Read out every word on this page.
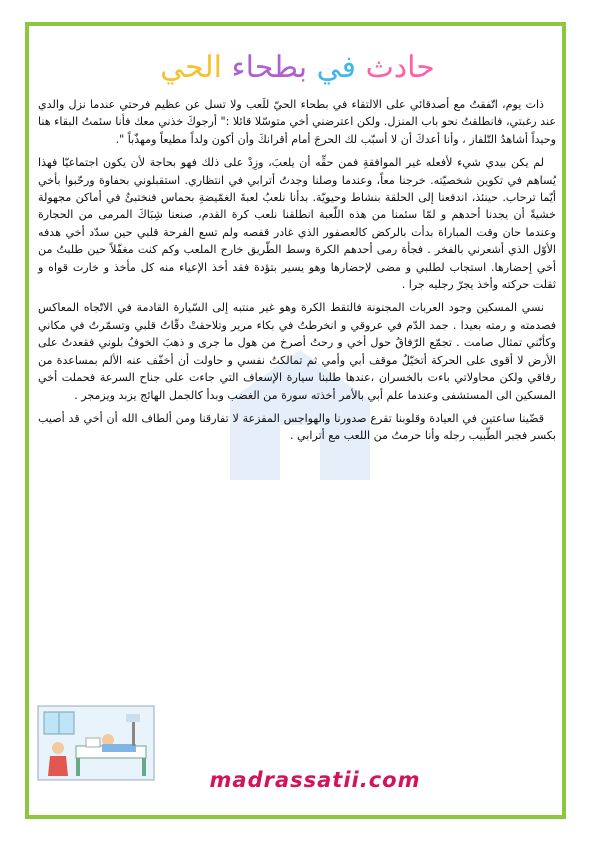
حادث في بطحاء الحي

ذات يوم، اتّفقتُ مع أصدقائي على الالتقاء في بطحاء الحيّ للَعب ولا تسل عن عظيم فرحتي عندما نزل والدي عند رغبتي، فانطلقتُ نحو باب المنزل. ولكن اعترضني أخي متوسّلا قائلا :" أرجوكَ خذني معك فأنا سئمتُ البقاء هنا وحيداً أشاهدُ التّلفاز ، وأنا أعدكَ أن لا أسبّب لك الحرجَ أمام أقرانكَ وأن أكون ولداً مطيعاً ومهذّباً ".

لم يكن بيدي شيء لأفعله غير الموافقةِ فمن حقِّه أن يلعبَ، وزِدْ على ذلك فهو بحاجة لأن يكون اجتماعيّا فهذا يُساهم في تكوين شخصيّته. خرجنا معاً، وعندما وصلنا وجدتُ أترابي في انتظاري. استقبلوني بحفاوة ورحّبوا بأخي أيّما ترحاب. حينئذ، اندفعنا إلى الحلقة بنشاط وحيويّة. بدأنا نلعبُ لعبةَ الغمّيضةِ بحماس فنختبئُ في أماكن مجهولة خشيةً أن يجدنا أحدهم و لمّا سئمنا من هذه اللّعبة انطلقنا نلعب كرة القدم، صنعنا شِبَاكَ المرمى من الحجارة وعندما حان وقت المباراة بدأت بالركض كالعصفور الذي غادر قفصه ولم تسع الفرحة قلبي حين سدّد أخي هدفه الأوّل الذي أشعرني بالفخر . فجأة رمى أحدهم الكرة وسط الطّريق خارج الملعب وكم كنت مغفّلاً حين طلبتُ من أخي إحضارها. استجاب لطلبي و مضى لإحضارها وهو يسير بتؤدة فقد أخذ الإعياء منه كل مأخذ و خارت قواه و ثقلت حركته وأخذ يجرّ رجليه جرا .

نسي المسكين وجود العربات المجنونة فالتقط الكرة وهو غير منتبه إلى السّيارة القادمة في الاتّجاه المعاكس فصدمته و رمته بعيدا . جمد الدّم في عروقي و انخرطتُ في بكاء مرير وتلاحقتْ دقّاتُ قلبي وتسمّرتُ في مكاني وكأنّني تمثال صامت . تجمّع الرّفاقُ حول أخي و رحتُ أصرخ من هول ما جرى و ذهبَ الخوفُ بلوني فقعدتُ على الأرض لا أقوى على الحركة أتخيّلُ موقف أبي وأمي ثم تمالكتُ نفسي و حاولت أن أخفّف عنه الألم بمساعدة من رفاقي ولكن محاولاتي باءت بالخسران ،عندها طلبنا سيارة الإسعاف التي جاءت على جناح السرعة فحملت أخي المسكين الى المستشفى وعندما علم أبي بالأمر أخذته سورة من الغضب وبدأ كالجمل الهائج يزبد ويزمجر .

قضّينا ساعتين في العيادة وقلوبنا تقرع صدورنا والهواجس المفزعة لا تفارقنا ومن ألطاف الله أن أخي قد أصيب بكسر فجبر الطّبيب رجله وأنا حرمتُ من اللعب مع أترابي .

madrassatii.com
